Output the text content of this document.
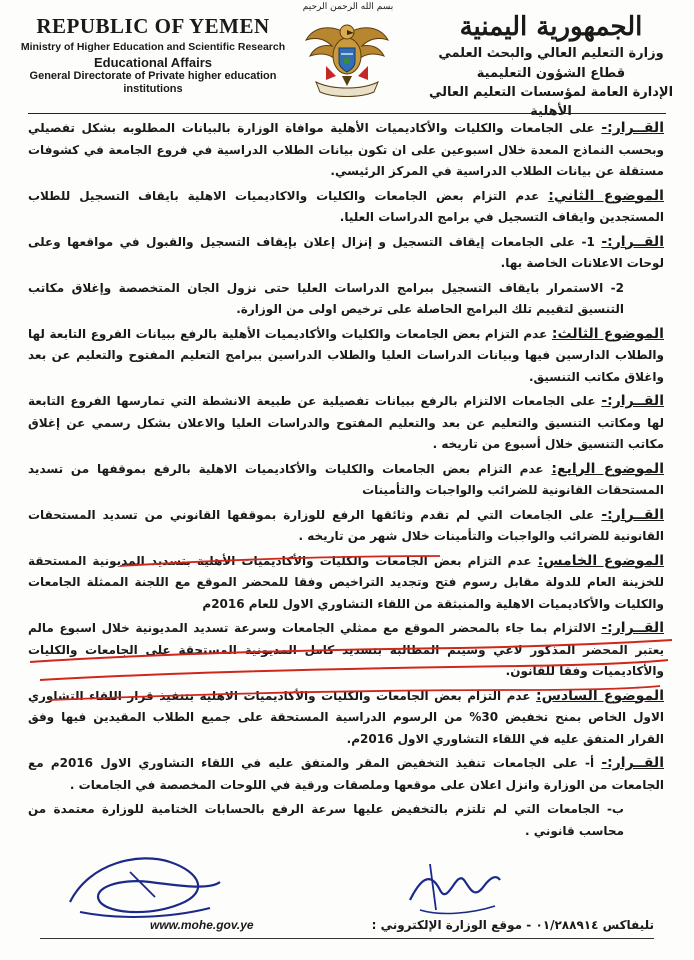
REPUBLIC OF YEMEN
Ministry of Higher Education and Scientific Research
Educational Affairs
General Directorate of Private higher education institutions
بسم الله الرحمن الرحيم
الجمهورية اليمنية
وزارة التعليم العالي والبحث العلمي
قطاع الشؤون التعليمية
الإدارة العامة لمؤسسات التعليم العالي الأهلية

القــرار:- على الجامعات والكليات والأكاديميات الأهلية موافاة الوزارة بالبيانات المطلوبه بشكل تفصيلي وبحسب النماذج المعدة خلال اسبوعين على ان تكون بيانات الطلاب الدراسية في فروع الجامعة في كشوفات مستقلة عن بيانات الطلاب الدراسية في المركز الرئيسي.

الموضوع الثاني: عدم التزام بعض الجامعات والكليات والاكاديميات الاهلية بايقاف التسجيل للطلاب المستجدين وايقاف التسجيل في برامج الدراسات العليا.

القــرار:- 1- على الجامعات إيقاف التسجيل و إنزال إعلان بإيقاف التسجيل والقبول في مواقعها وعلى لوحات الاعلانات الخاصة بها.

2- الاستمرار بايقاف التسجيل ببرامج الدراسات العليا حتى نزول الجان المتخصصة وإغلاق مكاتب التنسيق لتقييم تلك البرامج الحاصلة على ترخيص اولى من الوزارة.

الموضوع الثالث: عدم التزام بعض الجامعات والكليات والأكاديميات الأهلية بالرفع ببيانات الفروع التابعة لها والطلاب الدارسين فيها وبيانات الدراسات العليا والطلاب الدراسين ببرامج التعليم المفتوح والتعليم عن بعد واغلاق مكاتب التنسيق.

القــرار:- على الجامعات الالتزام بالرفع ببيانات تفصيلية عن طبيعة الانشطة التي تمارسها الفروع التابعة لها ومكاتب التنسيق والتعليم عن بعد والتعليم المفتوح والدراسات العليا والاعلان بشكل رسمي عن إغلاق مكاتب التنسيق خلال أسبوع من تاريخه .

الموضوع الرابع: عدم التزام بعض الجامعات والكليات والأكاديميات الاهلية بالرفع بموقفها من تسديد المستحقات القانونية للضرائب والواجبات والتأمينات

القــرار:- على الجامعات التي لم تقدم وثائقها الرفع للوزارة بموقفها القانوني من تسديد المستحقات القانونية للضرائب والواجبات والتأمينات خلال شهر من تاريخه .

الموضوع الخامس: عدم التزام بعض الجامعات والكليات والأكاديميات الأهلية بتسديد المديونية المستحقة للخزينة العام للدولة مقابل رسوم فتح وتجديد التراخيص وفقا للمحضر الموقع مع اللجنة الممثلة الجامعات والكليات والأكاديميات الاهلية والمنبثقة من اللقاء التشاوري الاول للعام 2016م

القــرار:- الالتزام بما جاء بالمحضر الموقع مع ممثلي الجامعات وسرعة تسديد المديونية خلال اسبوع مالم يعتبر المحضر المذكور لاغي وسيتم المطالبة بتسديد كامل المديونية المستحقة على الجامعات والكليات والأكاديميات وفقا للقانون.

الموضوع السادس: عدم التزام بعض الجامعات والكليات والأكاديميات الاهلية بتنفيذ قرار اللقاء التشاوري الاول الخاص بمنح تخفيض 30% من الرسوم الدراسية المستحقة على جميع الطلاب المقيدين فيها وفق القرار المتفق عليه في اللقاء التشاوري الاول 2016م.

القــرار:- أ- على الجامعات تنفيذ التخفيض المقر والمتفق عليه في اللقاء التشاوري الاول 2016م مع الجامعات من الوزارة وانزل اعلان على موقعها وملصقات ورقية في اللوحات المخصصة في الجامعات .

ب- الجامعات التي لم تلتزم بالتخفيض عليها سرعة الرفع بالحسابات الختامية للوزارة معتمدة من محاسب قانوني .

www.mohe.gov.ye	تليفاكس ٠١/٢٨٨٩١٤ - موقع الوزارة الإلكتروني :
